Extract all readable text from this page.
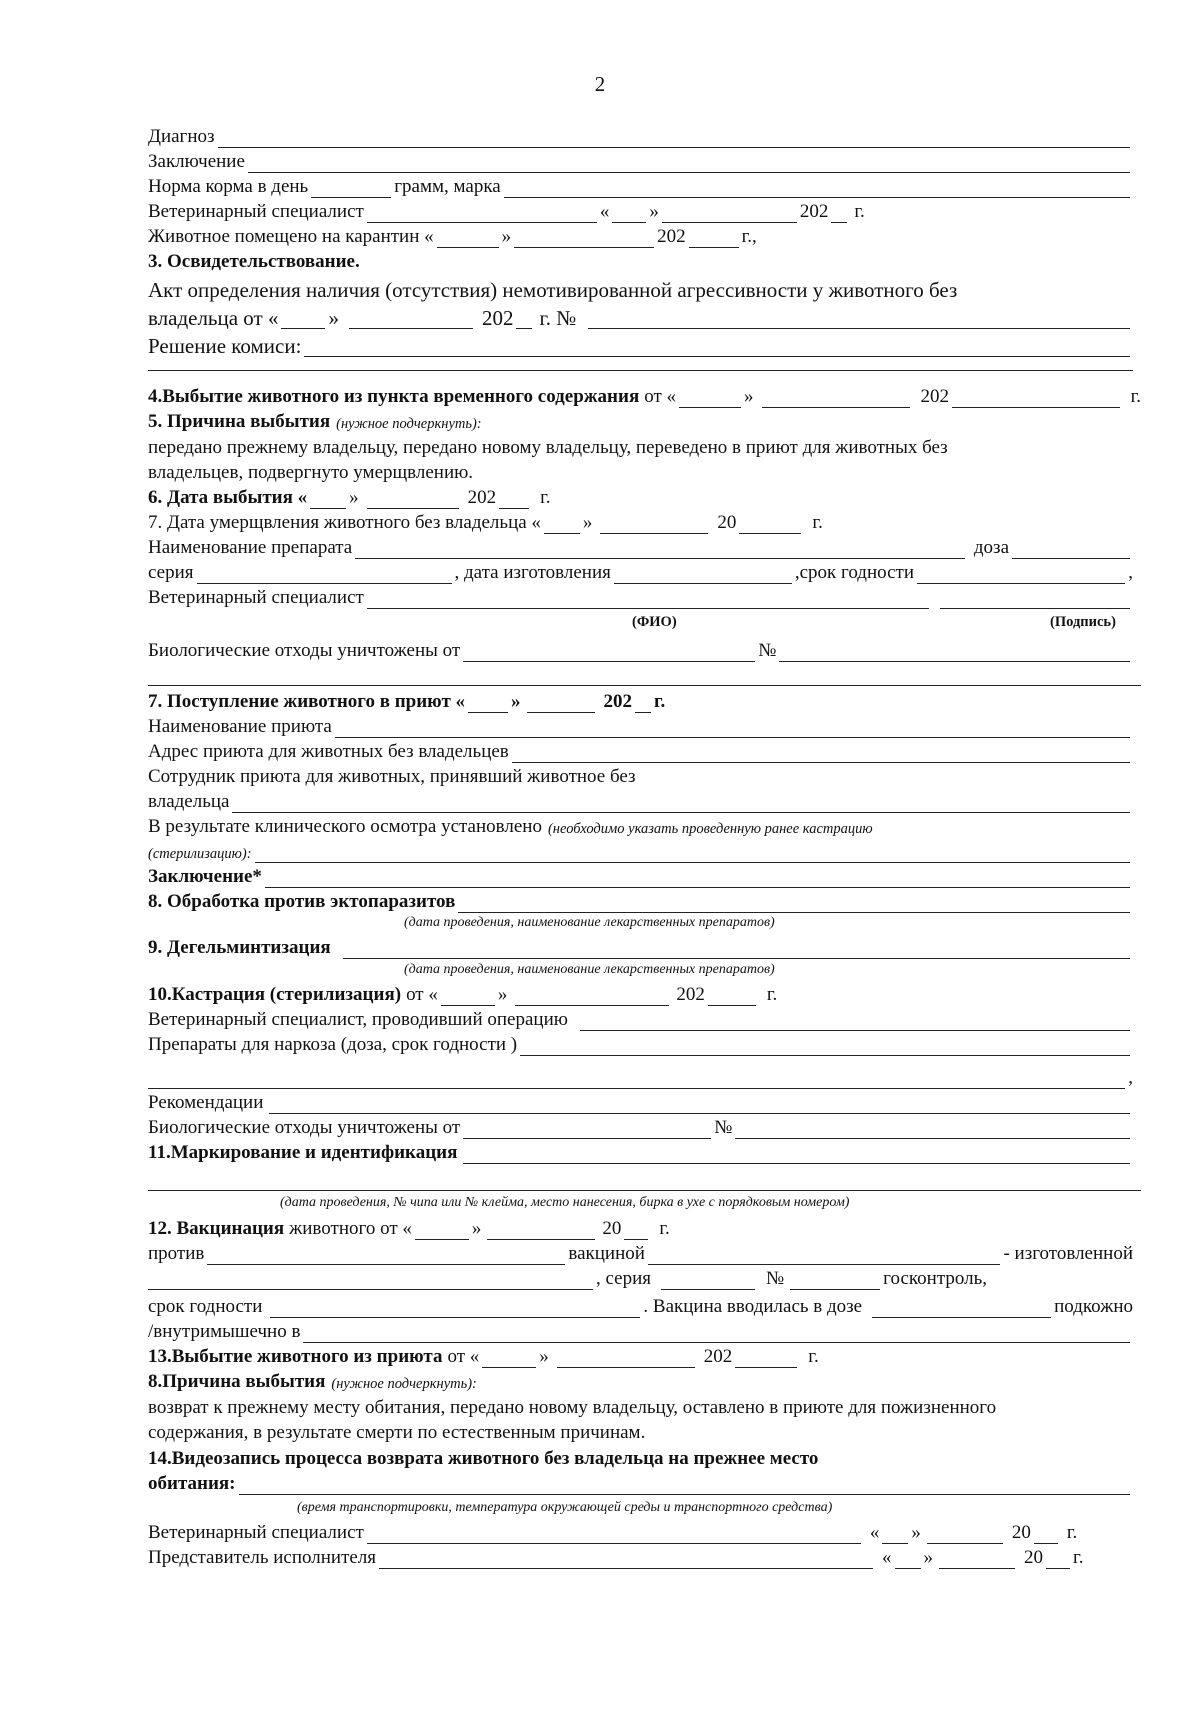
2
Диагноз
Заключение
Норма корма в день	грамм, марка
Ветеринарный специалист	« »	202 г.
Животное помещено на карантин «	»	202	г.,
3. Освидетельствование.
Акт определения наличия (отсутствия) немотивированной агрессивности у животного без
владельца от « »	202 г. №
Решение комиси:
4.Выбытие животного из пункта временного содержания от «	»	202	г.
5. Причина выбытия (нужное подчеркнуть):
передано прежнему владельцу, передано новому владельцу, переведено в приют для животных без
владельцев, подвергнуто умерщвлению.
6. Дата выбытия « »	202 г.
7. Дата умерщвления животного без владельца « »	20	г.
Наименование препарата	доза
серия	, дата изготовления	,срок годности	,
Ветеринарный специалист
(ФИО)	(Подпись)
Биологические отходы уничтожены от	№
7. Поступление животного в приют « »	202 г.
Наименование приюта
Адрес приюта для животных без владельцев
Сотрудник приюта для животных, принявший животное без
владельца
В результате клинического осмотра установлено (необходимо указать проведенную ранее кастрацию
(стерилизацию):
Заключение*
8. Обработка против эктопаразитов
(дата проведения, наименование лекарственных препаратов)
9. Дегельминтизация
(дата проведения, наименование лекарственных препаратов)
10.Кастрация (стерилизация) от «	»	202	г.
Ветеринарный специалист, проводивший операцию
Препараты для наркоза (доза, срок годности )
,
Рекомендации
Биологические отходы уничтожены от	№
11.Маркирование и идентификация
(дата проведения, № чипа или № клейма, место нанесения, бирка в ухе с порядковым номером)
12. Вакцинация животного от «	»	20 г.
против	вакциной	- изготовленной
, серия	№	госконтроль,
срок годности	. Вакцина вводилась в дозе	подкожно
/внутримышечно в
13.Выбытие животного из приюта от «	»	202	г.
8.Причина выбытия (нужное подчеркнуть):
возврат к прежнему месту обитания, передано новому владельцу, оставлено в приюте для пожизненного
содержания, в результате смерти по естественным причинам.
14.Видеозапись процесса возврата животного без владельца на прежнее место
обитания:
(время транспортировки, температура окружающей среды и транспортного средства)
Ветеринарный специалист	« »	20 г.
Представитель исполнителя	« »	20 г.
